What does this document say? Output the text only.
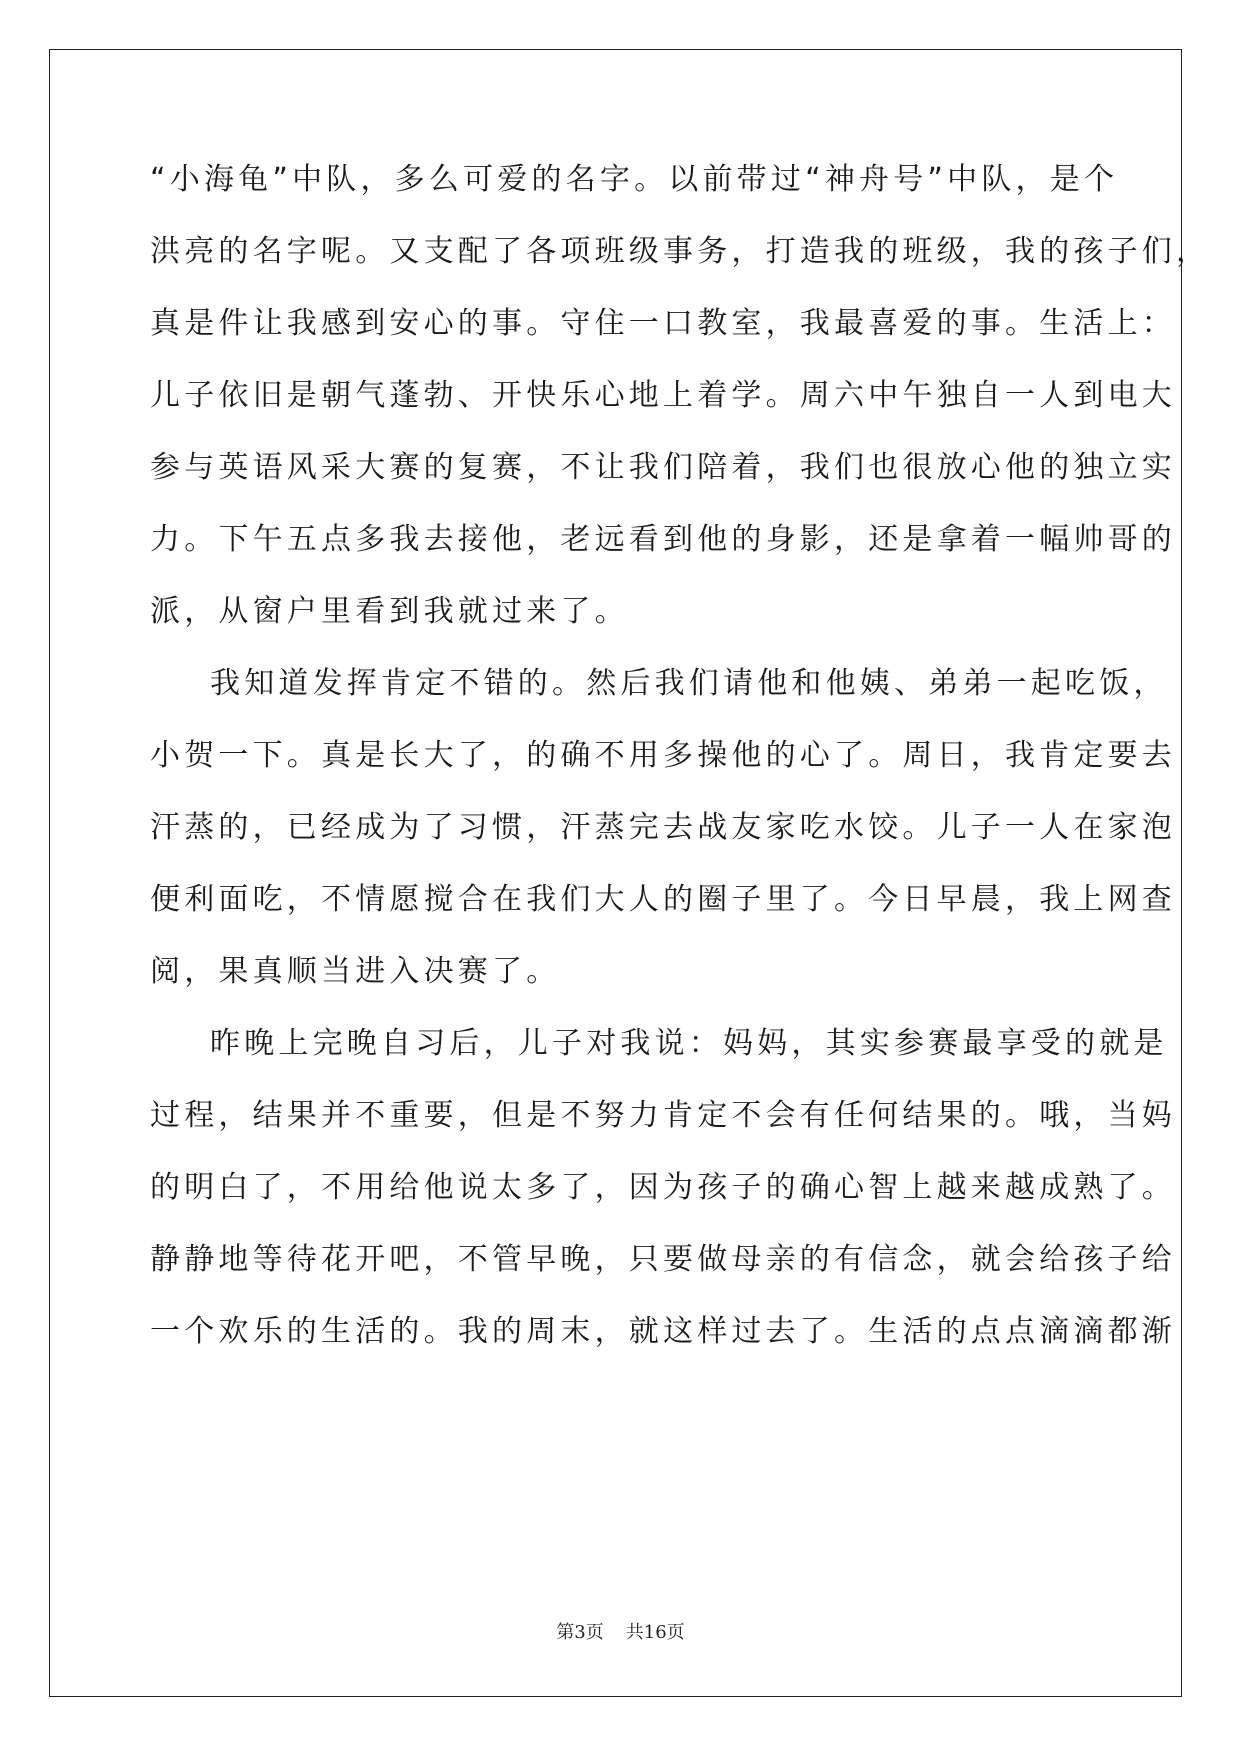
“小海龟”中队，多么可爱的名字。以前带过“神舟号”中队，是个
洪亮的名字呢。又支配了各项班级事务，打造我的班级，我的孩子们，
真是件让我感到安心的事。守住一口教室，我最喜爱的事。生活上：
儿子依旧是朝气蓬勃、开快乐心地上着学。周六中午独自一人到电大
参与英语风采大赛的复赛，不让我们陪着，我们也很放心他的独立实
力。下午五点多我去接他，老远看到他的身影，还是拿着一幅帅哥的
派，从窗户里看到我就过来了。
我知道发挥肯定不错的。然后我们请他和他姨、弟弟一起吃饭，
小贺一下。真是长大了，的确不用多操他的心了。周日，我肯定要去
汗蒸的，已经成为了习惯，汗蒸完去战友家吃水饺。儿子一人在家泡
便利面吃，不情愿搅合在我们大人的圈子里了。今日早晨，我上网查
阅，果真顺当进入决赛了。
昨晚上完晚自习后，儿子对我说：妈妈，其实参赛最享受的就是
过程，结果并不重要，但是不努力肯定不会有任何结果的。哦，当妈
的明白了，不用给他说太多了，因为孩子的确心智上越来越成熟了。
静静地等待花开吧，不管早晚，只要做母亲的有信念，就会给孩子给
一个欢乐的生活的。我的周末，就这样过去了。生活的点点滴滴都渐
第3页 共16页
